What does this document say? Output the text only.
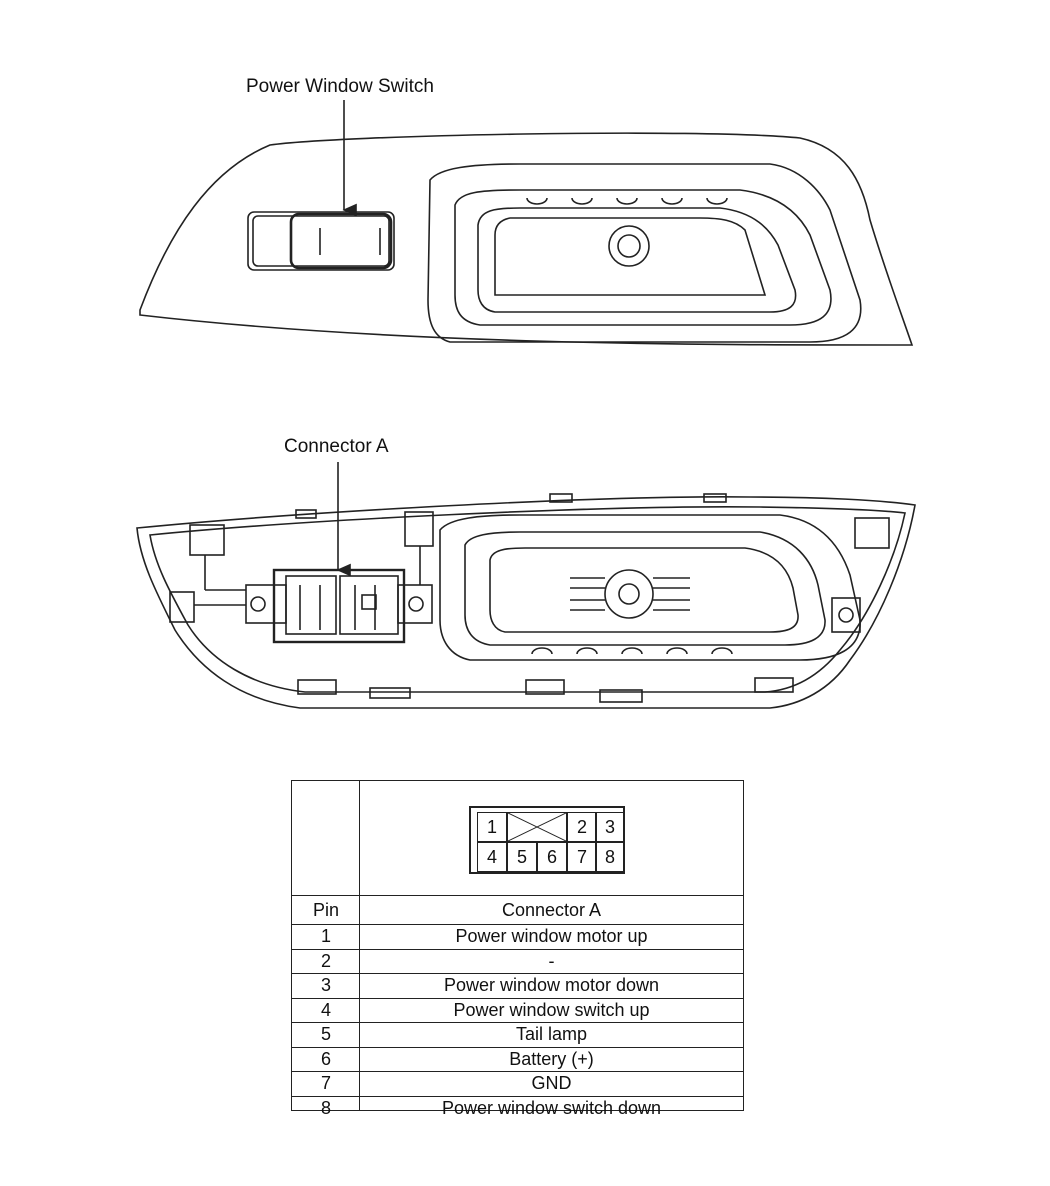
Power Window Switch
Connector A
Pin	Connector A
1	Power window motor up
2	-
3	Power window motor down
4	Power window switch up
5	Tail lamp
6	Battery (+)
7	GND
8	Power window switch down
1	2 3
4	5	6	7 8
